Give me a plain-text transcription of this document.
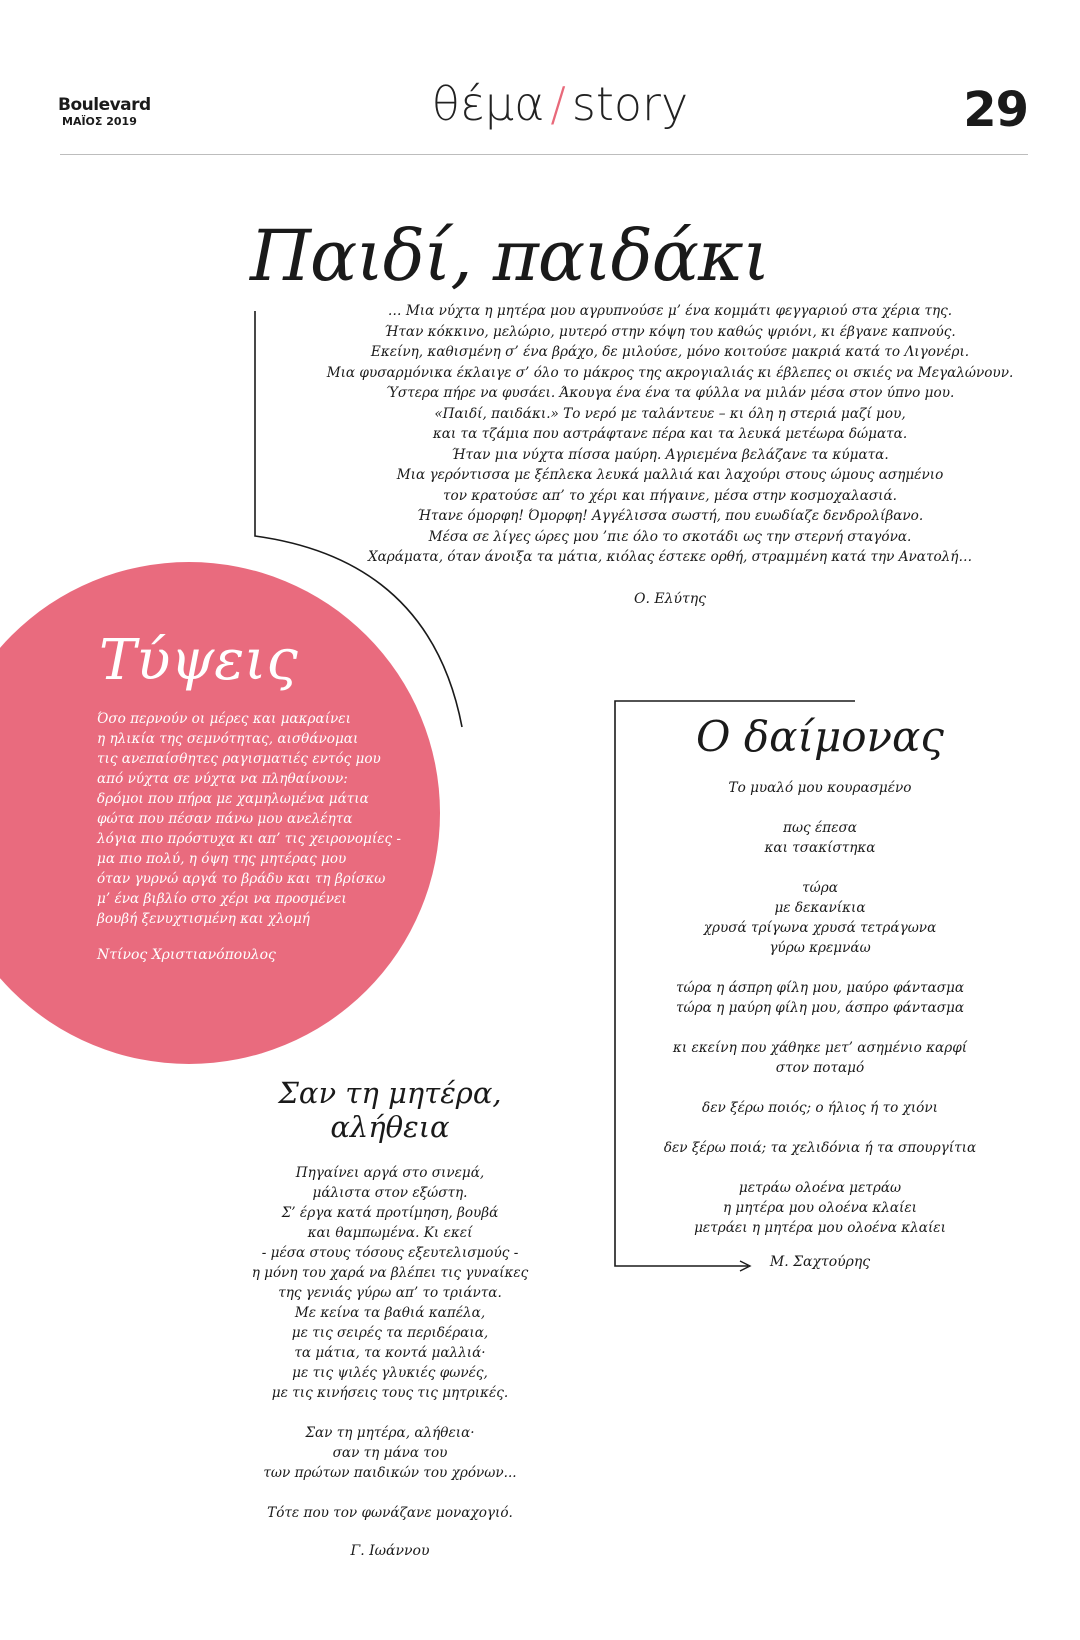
Boulevard
ΜΑΪΟΣ 2019	θέμα / story	29
Παιδί, παιδάκι
… Μια νύχτα η μητέρα μου αγρυπνούσε μ’ ένα κομμάτι φεγγαριού στα χέρια της.
Ήταν κόκκινο, μελώριο, μυτερό στην κόψη του καθώς ψριόνι, κι έβγανε καπνούς.
Εκείνη, καθισμένη σ’ ένα βράχο, δε μιλούσε, μόνο κοιτούσε μακριά κατά το Λιγονέρι.
Μια φυσαρμόνικα έκλαιγε σ’ όλο το μάκρος της ακρογιαλιάς κι έβλεπες οι σκιές να Μεγαλώνουν.
Ύστερα πήρε να φυσάει. Άκουγα ένα ένα τα φύλλα να μιλάν μέσα στον ύπνο μου.
«Παιδί, παιδάκι.» Το νερό με ταλάντευε – κι όλη η στεριά μαζί μου,
και τα τζάμια που αστράφτανε πέρα και τα λευκά μετέωρα δώματα.
Ήταν μια νύχτα πίσσα μαύρη. Αγριεμένα βελάζανε τα κύματα.
Μια γερόντισσα με ξέπλεκα λευκά μαλλιά και λαχούρι στους ώμους ασημένιο
τον κρατούσε απ’ το χέρι και πήγαινε, μέσα στην κοσμοχαλασιά.
Ήτανε όμορφη! Όμορφη! Αγγέλισσα σωστή, που ευωδίαζε δενδρολίβανο.
Μέσα σε λίγες ώρες μου ’πιε όλο το σκοτάδι ως την στερνή σταγόνα.
Χαράματα, όταν άνοιξα τα μάτια, κιόλας έστεκε ορθή, στραμμένη κατά την Ανατολή…
Ο. Ελύτης
Τύψεις
Όσο περνούν οι μέρες και μακραίνει
η ηλικία της σεμνότητας, αισθάνομαι
τις ανεπαίσθητες ραγισματιές εντός μου
από νύχτα σε νύχτα να πληθαίνουν:
δρόμοι που πήρα με χαμηλωμένα μάτια
φώτα που πέσαν πάνω μου ανελέητα
λόγια πιο πρόστυχα κι απ’ τις χειρονομίες -
μα πιο πολύ, η όψη της μητέρας μου
όταν γυρνώ αργά το βράδυ και τη βρίσκω
μ’ ένα βιβλίο στο χέρι να προσμένει
βουβή ξενυχτισμένη και χλομή
Ντίνος Χριστιανόπουλος
Σαν τη μητέρα,
αλήθεια
Πηγαίνει αργά στο σινεμά,
μάλιστα στον εξώστη.
Σ’ έργα κατά προτίμηση, βουβά
και θαμπωμένα. Κι εκεί
- μέσα στους τόσους εξευτελισμούς -
η μόνη του χαρά να βλέπει τις γυναίκες
της γενιάς γύρω απ’ το τριάντα.
Με κείνα τα βαθιά καπέλα,
με τις σειρές τα περιδέραια,
τα μάτια, τα κοντά μαλλιά·
με τις ψιλές γλυκιές φωνές,
με τις κινήσεις τους τις μητρικές.
Σαν τη μητέρα, αλήθεια·
σαν τη μάνα του
των πρώτων παιδικών του χρόνων...
Τότε που τον φωνάζανε μοναχογιό.
Γ. Ιωάννου
Ο δαίμονας
Το μυαλό μου κουρασμένο
πως έπεσα
και τσακίστηκα
τώρα
με δεκανίκια
χρυσά τρίγωνα χρυσά τετράγωνα
γύρω κρεμνάω
τώρα η άσπρη φίλη μου, μαύρο φάντασμα
τώρα η μαύρη φίλη μου, άσπρο φάντασμα
κι εκείνη που χάθηκε μετ’ ασημένιο καρφί
στον ποταμό
δεν ξέρω ποιός; ο ήλιος ή το χιόνι
δεν ξέρω ποιά; τα χελιδόνια ή τα σπουργίτια
μετράω ολοένα μετράω
η μητέρα μου ολοένα κλαίει
μετράει η μητέρα μου ολοένα κλαίει
Μ. Σαχτούρης
